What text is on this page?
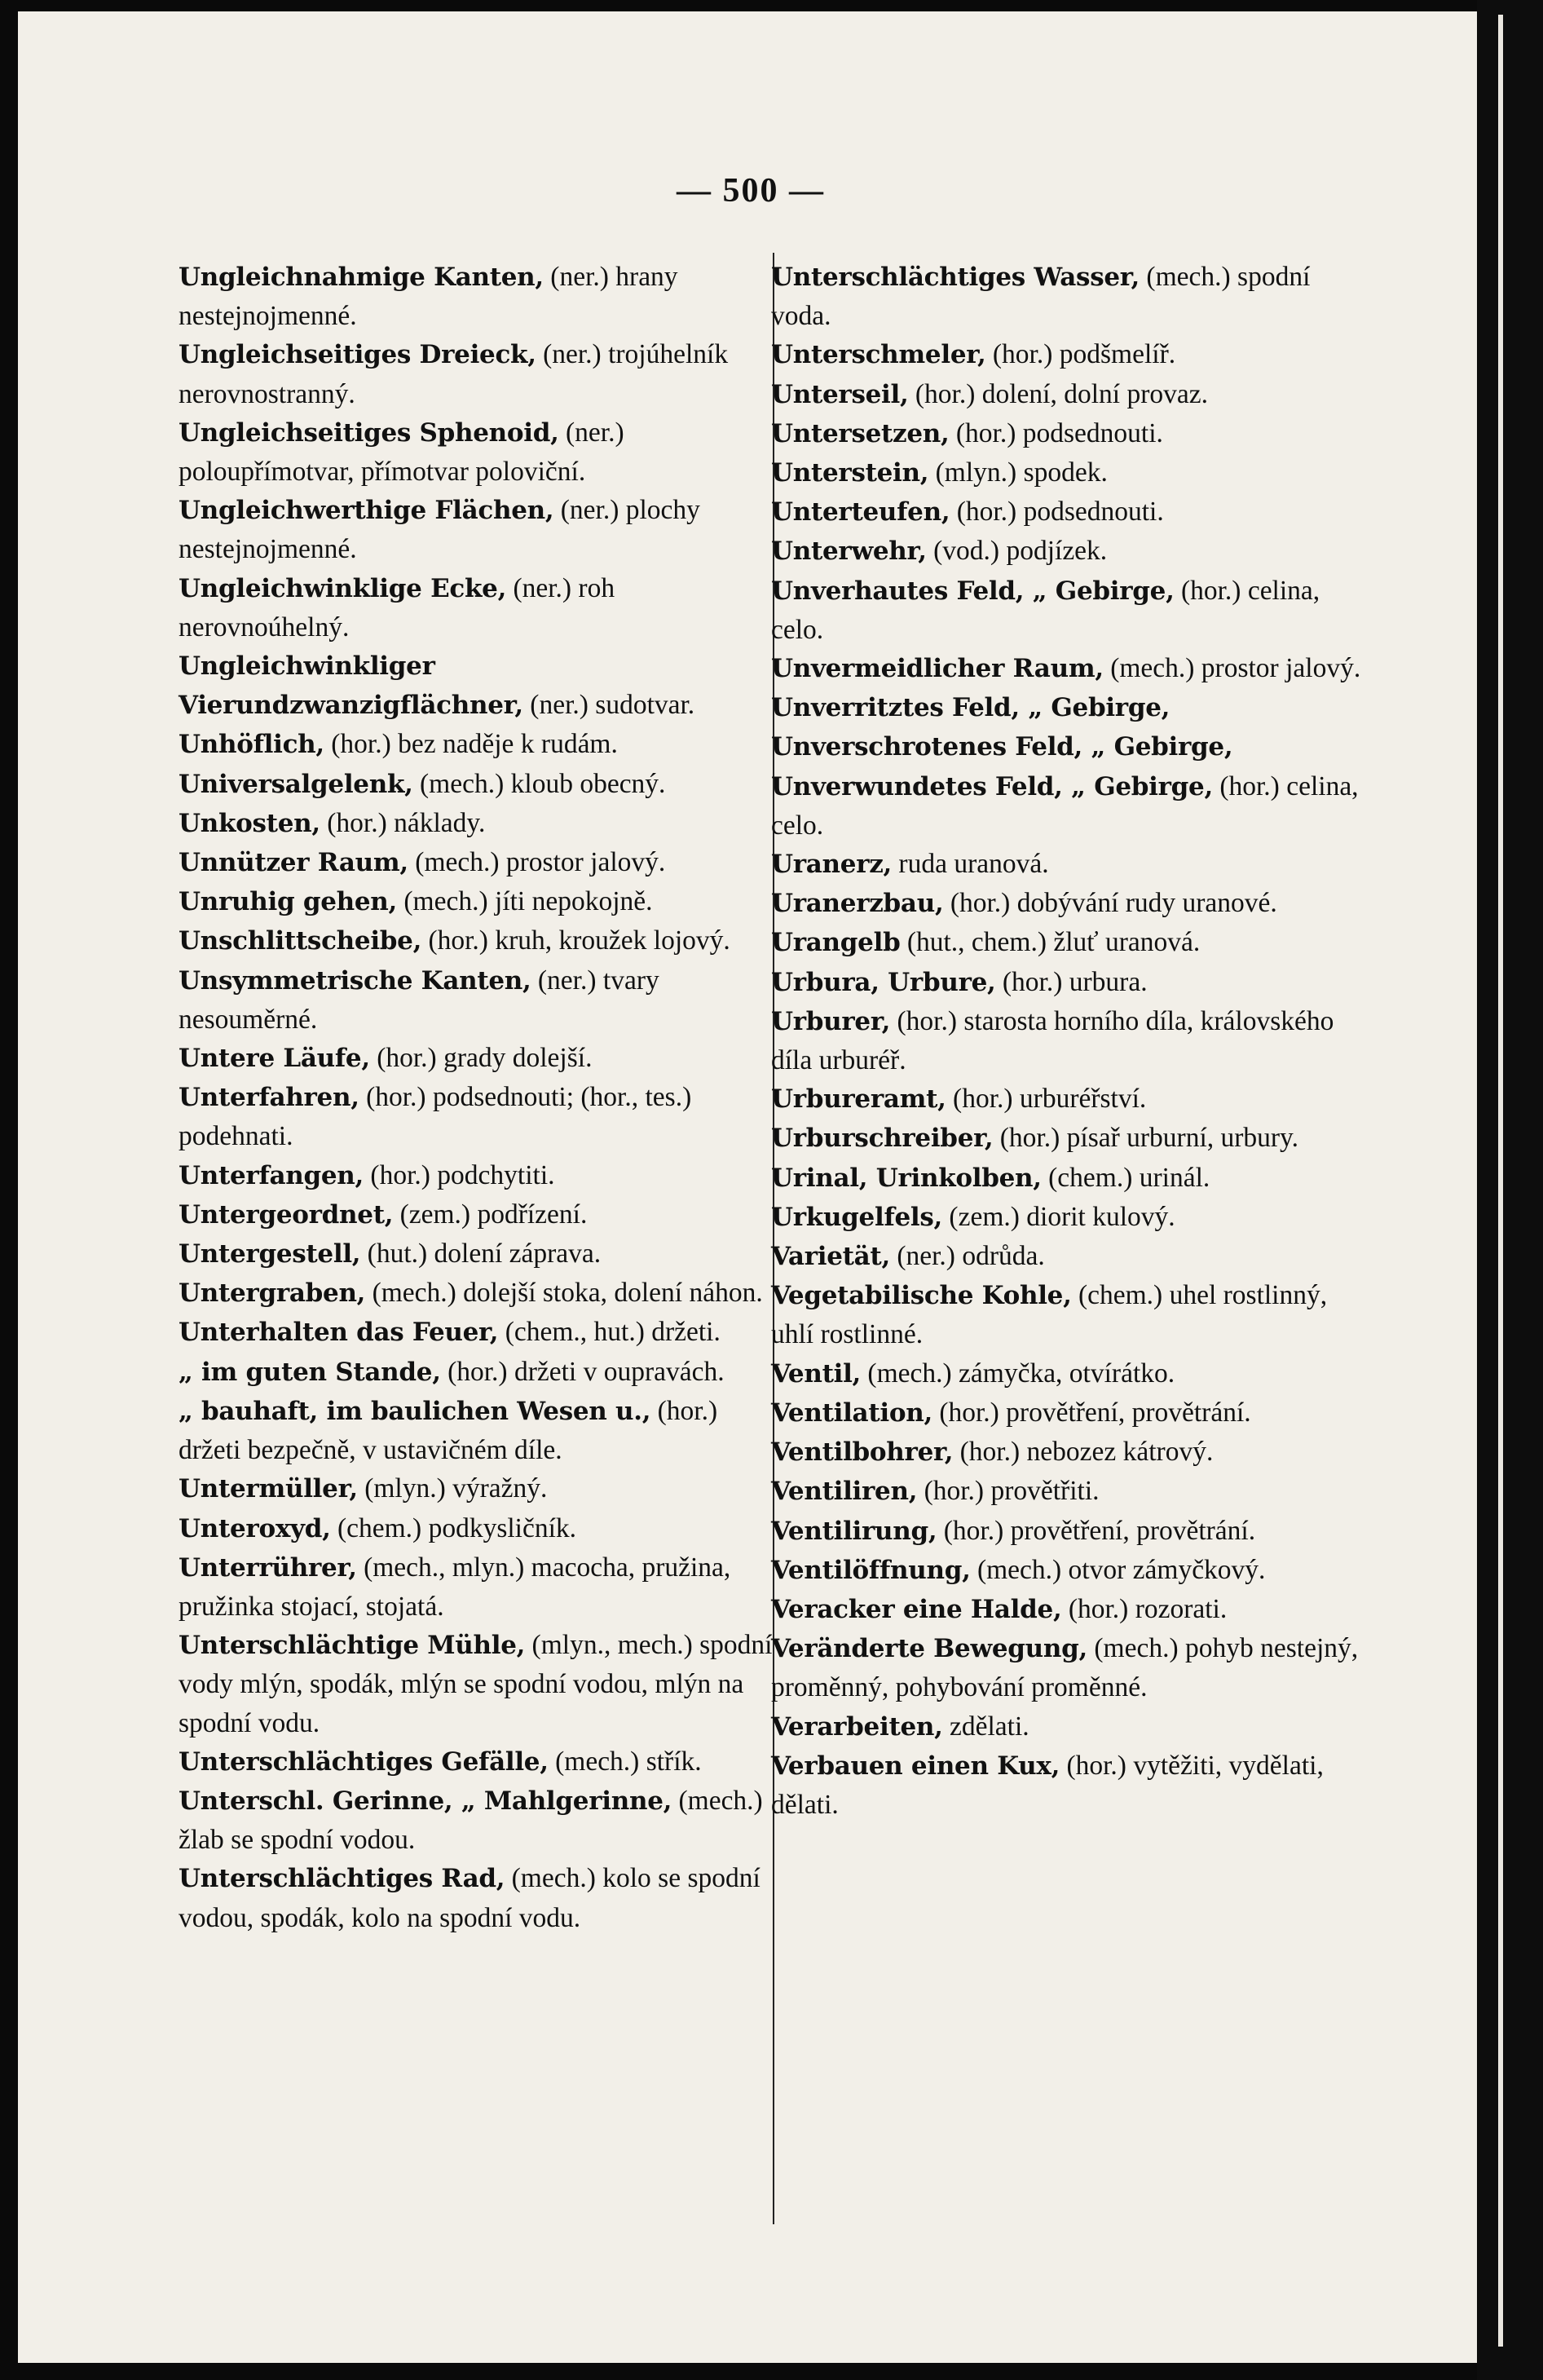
— 500 —

Ungleichnahmige Kanten, (ner.) hrany nestejnojmenné.

Ungleichseitiges Dreieck, (ner.) trojúhelník nerovnostranný.

Ungleichseitiges Sphenoid, (ner.) poloupřímotvar, přímotvar poloviční.

Ungleichwerthige Flächen, (ner.) plochy nestejnojmenné.

Ungleichwinklige Ecke, (ner.) roh nerovnoúhelný.

Ungleichwinkliger Vierundzwanzigflächner, (ner.) sudotvar.

Unhöflich, (hor.) bez naděje k rudám.

Universalgelenk, (mech.) kloub obecný.

Unkosten, (hor.) náklady.

Unnützer Raum, (mech.) prostor jalový.

Unruhig gehen, (mech.) jíti nepokojně.

Unschlittscheibe, (hor.) kruh, kroužek lojový.

Unsymmetrische Kanten, (ner.) tvary nesouměrné.

Untere Läufe, (hor.) grady dolejší.

Unterfahren, (hor.) podsednouti; (hor., tes.) podehnati.

Unterfangen, (hor.) podchytiti.

Untergeordnet, (zem.) podřízení.

Untergestell, (hut.) dolení záprava.

Untergraben, (mech.) dolejší stoka, dolení náhon.

Unterhalten das Feuer, (chem., hut.) držeti.

„ im guten Stande, (hor.) držeti v oupravách.

„ bauhaft, im baulichen Wesen u., (hor.) držeti bezpečně, v ustavičném díle.

Untermüller, (mlyn.) výražný.

Unteroxyd, (chem.) podkysličník.

Unterrührer, (mech., mlyn.) macocha, pružina, pružinka stojací, stojatá.

Unterschlächtige Mühle, (mlyn., mech.) spodní vody mlýn, spodák, mlýn se spodní vodou, mlýn na spodní vodu.

Unterschlächtiges Gefälle, (mech.) střík.

Unterschl. Gerinne, „ Mahlgerinne, (mech.) žlab se spodní vodou.

Unterschlächtiges Rad, (mech.) kolo se spodní vodou, spodák, kolo na spodní vodu.

Unterschlächtiges Wasser, (mech.) spodní voda.

Unterschmeler, (hor.) podšmelíř.

Unterseil, (hor.) dolení, dolní provaz.

Untersetzen, (hor.) podsednouti.

Unterstein, (mlyn.) spodek.

Unterteufen, (hor.) podsednouti.

Unterwehr, (vod.) podjízek.

Unverhautes Feld, „ Gebirge, (hor.) celina, celo.

Unvermeidlicher Raum, (mech.) prostor jalový.

Unverritztes Feld, „ Gebirge, Unverschrotenes Feld, „ Gebirge, Unverwundetes Feld, „ Gebirge, (hor.) celina, celo.

Uranerz, ruda uranová.

Uranerzbau, (hor.) dobývání rudy uranové.

Urangelb (hut., chem.) žluť uranová.

Urbura, Urbure, (hor.) urbura.

Urburer, (hor.) starosta horního díla, královského díla urburéř.

Urbureramt, (hor.) urburéřství.

Urburschreiber, (hor.) písař urburní, urbury.

Urinal, Urinkolben, (chem.) urinál.

Urkugelfels, (zem.) diorit kulový.

Varietät, (ner.) odrůda.

Vegetabilische Kohle, (chem.) uhel rostlinný, uhlí rostlinné.

Ventil, (mech.) zámyčka, otvírátko.

Ventilation, (hor.) provětření, provětrání.

Ventilbohrer, (hor.) nebozez kátrový.

Ventiliren, (hor.) provětřiti.

Ventilirung, (hor.) provětření, provětrání.

Ventilöffnung, (mech.) otvor zámyčkový.

Veracker eine Halde, (hor.) rozorati.

Veränderte Bewegung, (mech.) pohyb nestejný, proměnný, pohybování proměnné.

Verarbeiten, zdělati.

Verbauen einen Kux, (hor.) vytěžiti, vydělati, dělati.
